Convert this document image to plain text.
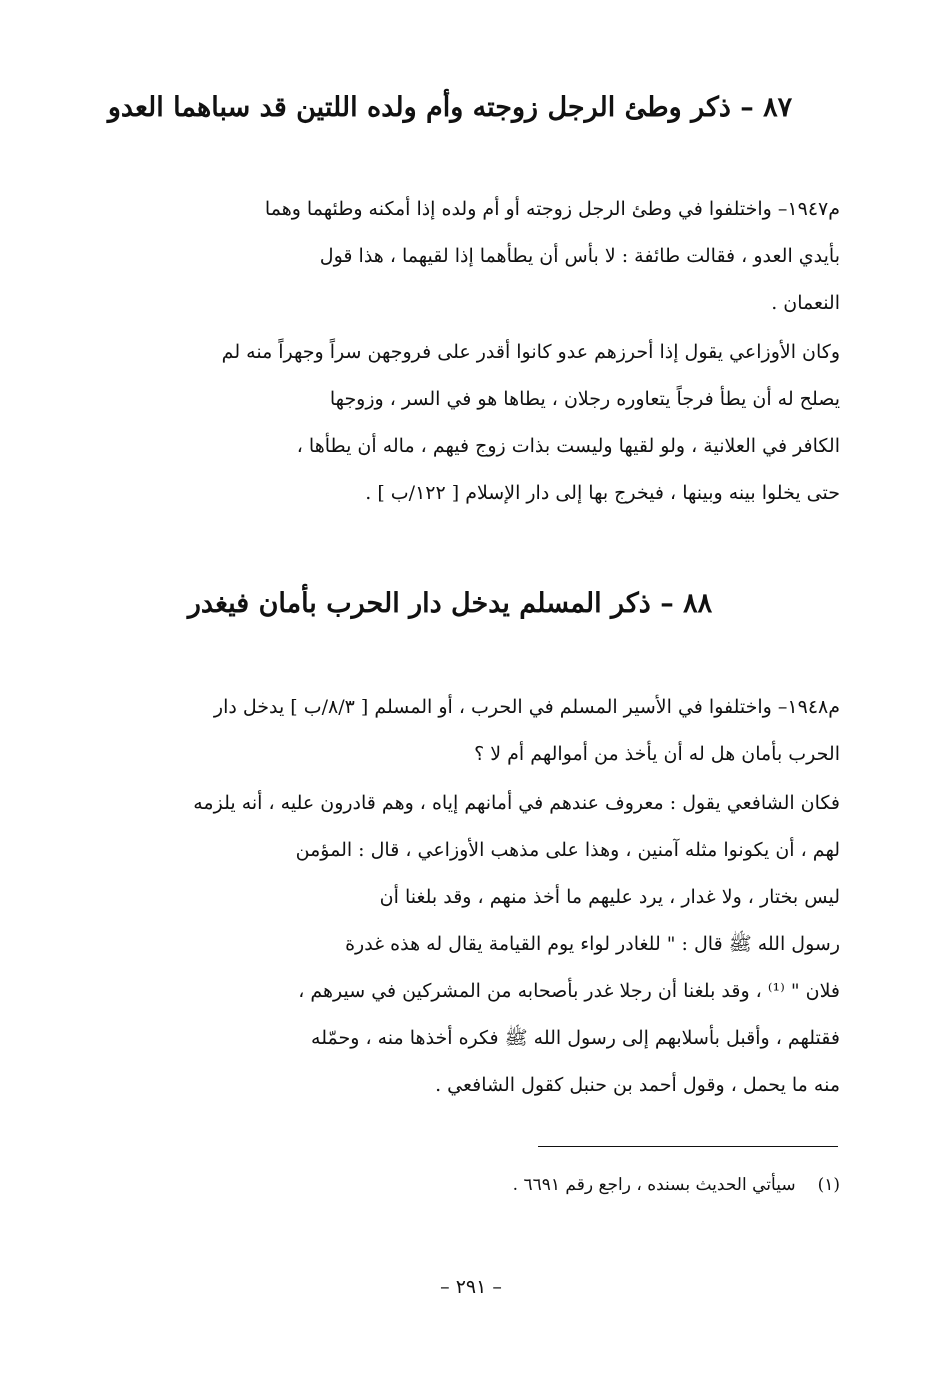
٨٧ – ذكر وطئ الرجل زوجته وأم ولده اللتين قد سباهما العدو

م١٩٤٧– واختلفوا في وطئ الرجل زوجته أو أم ولده إذا أمكنه وطئهما وهما

بأيدي العدو ، فقالت طائفة : لا بأس أن يطأهما إذا لقيهما ، هذا قول

النعمان .

وكان الأوزاعي يقول إذا أحرزهم عدو كانوا أقدر على فروجهن سراً وجهراً منه لم

يصلح له أن يطأ فرجاً يتعاوره رجلان ، يطاها هو في السر ، وزوجها

الكافر في العلانية ، ولو لقيها وليست بذات زوج فيهم ، ماله أن يطأها ،

حتى يخلوا بينه وبينها ، فيخرج بها إلى دار الإسلام [ ١٢٢/ب ] .

٨٨ – ذكر المسلم يدخل دار الحرب بأمان فيغدر

م١٩٤٨– واختلفوا في الأسير المسلم في الحرب ، أو المسلم [ ٨/٣/ب ] يدخل دار

الحرب بأمان هل له أن يأخذ من أموالهم أم لا ؟

فكان الشافعي يقول : معروف عندهم في أمانهم إياه ، وهم قادرون عليه ، أنه يلزمه

لهم ، أن يكونوا مثله آمنين ، وهذا على مذهب الأوزاعي ، قال : المؤمن

ليس بختار ، ولا غدار ، يرد عليهم ما أخذ منهم ، وقد بلغنا أن

رسول الله ﷺ قال : " للغادر لواء يوم القيامة يقال له هذه غدرة

فلان " ⁽¹⁾ ، وقد بلغنا أن رجلا غدر بأصحابه من المشركين في سيرهم ،

فقتلهم ، وأقبل بأسلابهم إلى رسول الله ﷺ فكره أخذها منه ، وحمّله

منه ما يحمل ، وقول أحمد بن حنبل كقول الشافعي .

(١)سيأتي الحديث بسنده ، راجع رقم ٦٦٩١ .
– ٢٩١ –
